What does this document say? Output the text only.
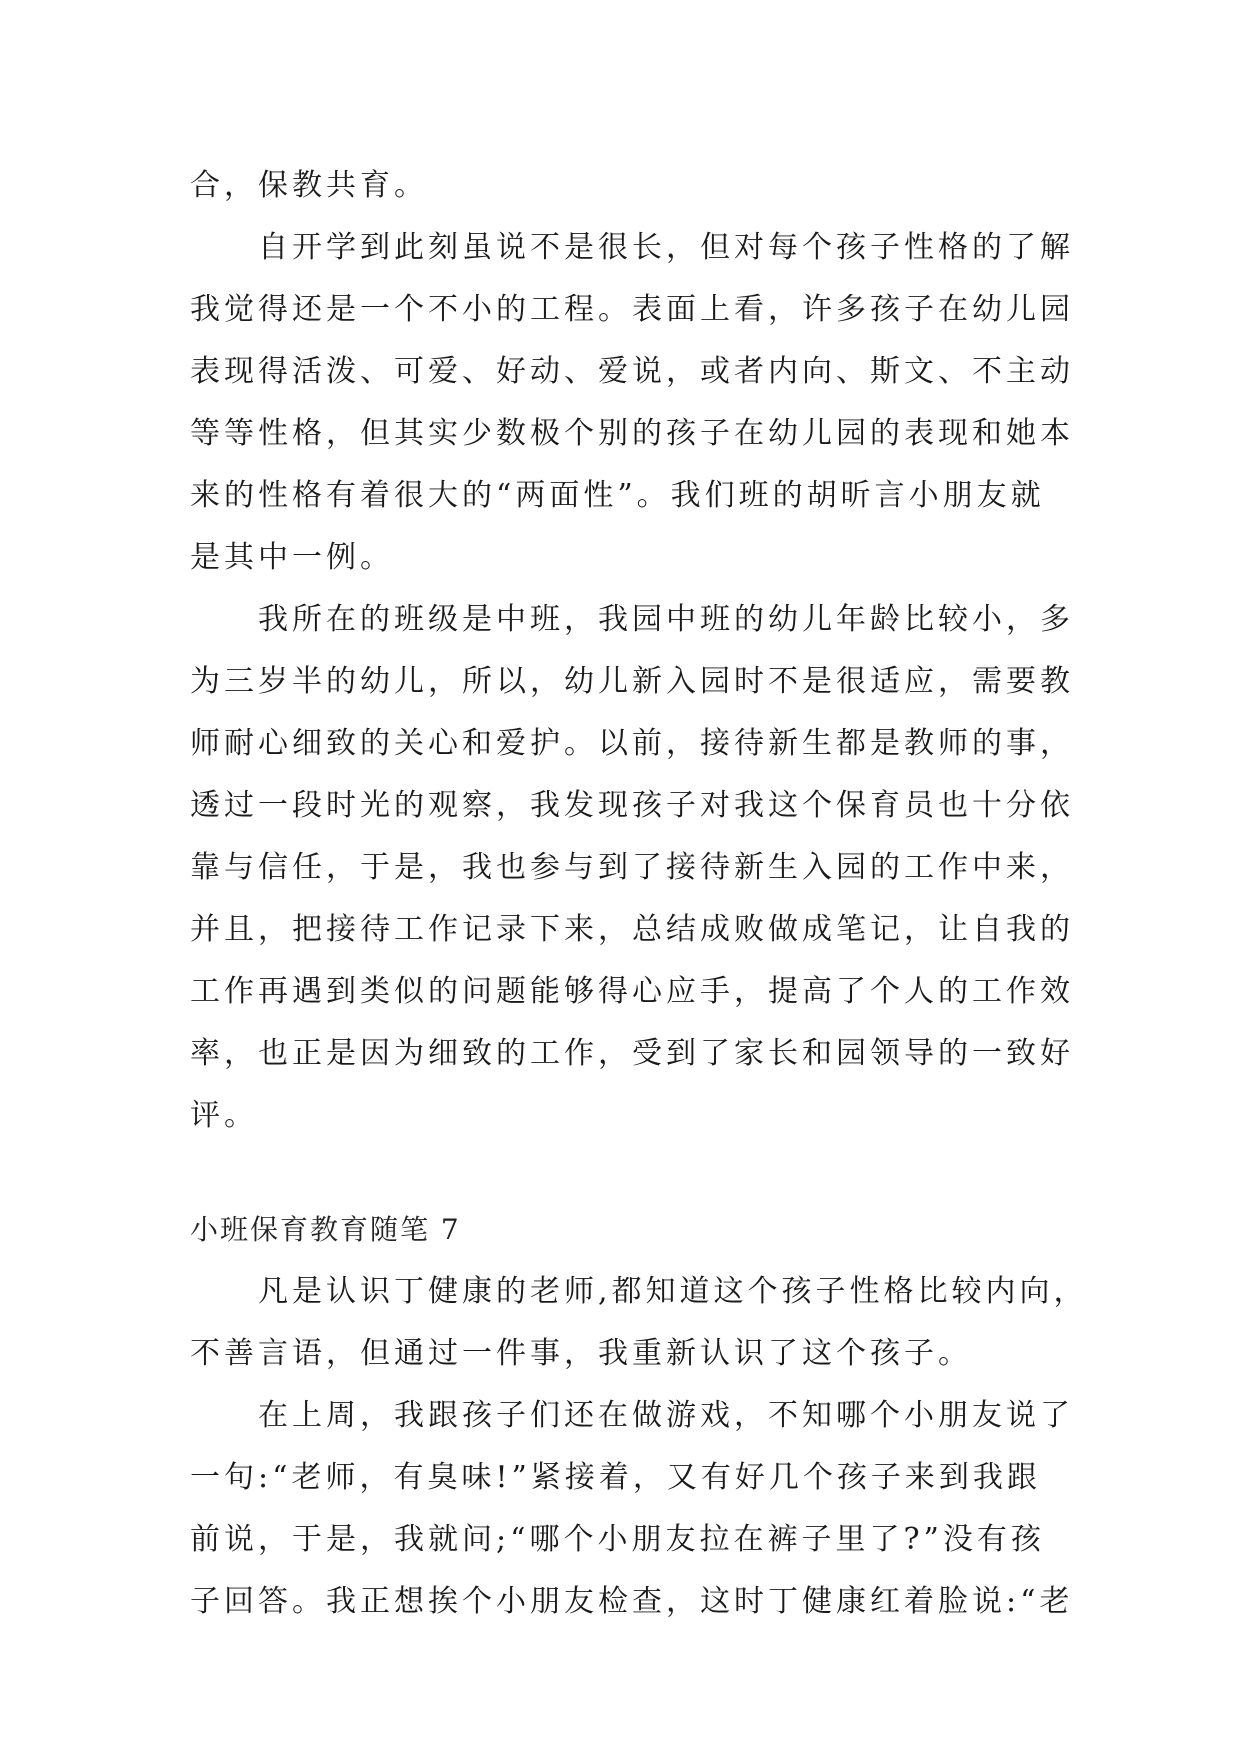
合，保教共育。
自开学到此刻虽说不是很长，但对每个孩子性格的了解
我觉得还是一个不小的工程。表面上看，许多孩子在幼儿园
表现得活泼、可爱、好动、爱说，或者内向、斯文、不主动
等等性格，但其实少数极个别的孩子在幼儿园的表现和她本
来的性格有着很大的“两面性”。我们班的胡昕言小朋友就
是其中一例。
我所在的班级是中班，我园中班的幼儿年龄比较小，多
为三岁半的幼儿，所以，幼儿新入园时不是很适应，需要教
师耐心细致的关心和爱护。以前，接待新生都是教师的事，
透过一段时光的观察，我发现孩子对我这个保育员也十分依
靠与信任，于是，我也参与到了接待新生入园的工作中来，
并且，把接待工作记录下来，总结成败做成笔记，让自我的
工作再遇到类似的问题能够得心应手，提高了个人的工作效
率，也正是因为细致的工作，受到了家长和园领导的一致好
评。
小班保育教育随笔 7
凡是认识丁健康的老师,都知道这个孩子性格比较内向，
不善言语，但通过一件事，我重新认识了这个孩子。
在上周，我跟孩子们还在做游戏，不知哪个小朋友说了
一句:“老师，有臭味!”紧接着，又有好几个孩子来到我跟
前说，于是，我就问;“哪个小朋友拉在裤子里了?”没有孩
子回答。我正想挨个小朋友检查，这时丁健康红着脸说:“老
